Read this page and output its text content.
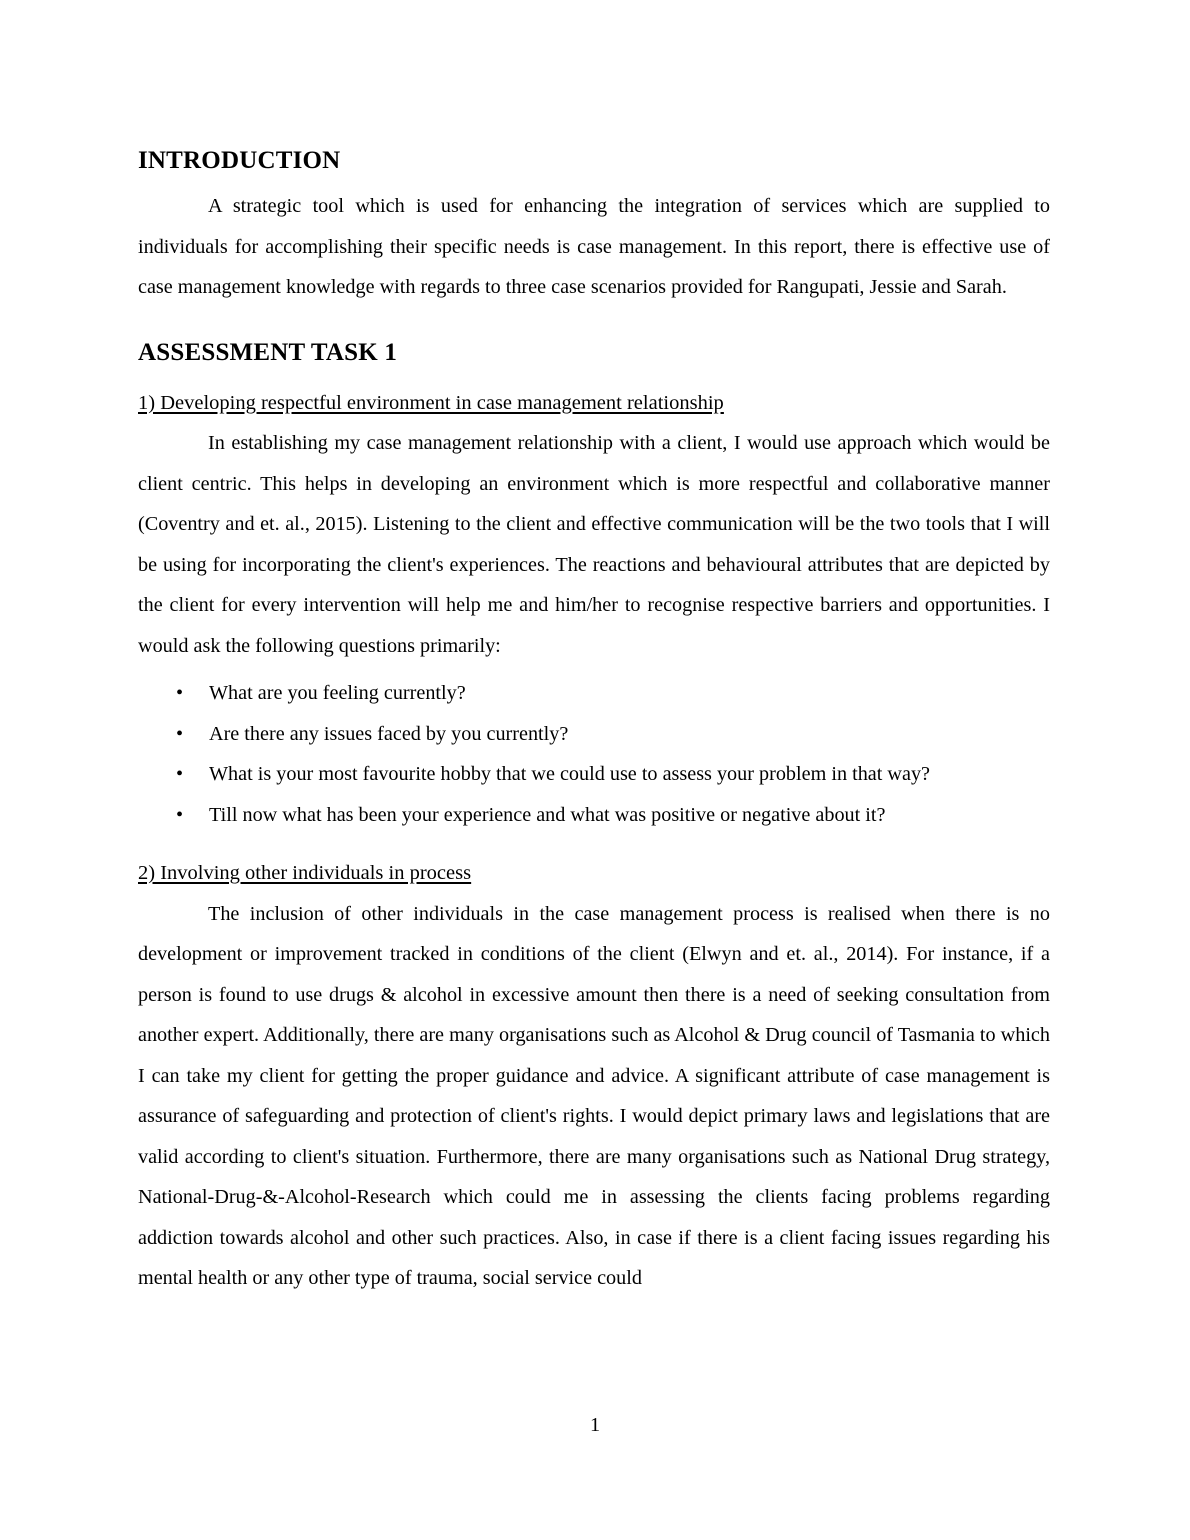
INTRODUCTION

A strategic tool which is used for enhancing the integration of services which are supplied to individuals for accomplishing their specific needs is case management. In this report, there is effective use of case management knowledge with regards to three case scenarios provided for Rangupati, Jessie and Sarah.

ASSESSMENT TASK 1
1) Developing respectful environment in case management relationship

In establishing my case management relationship with a client, I would use approach which would be client centric. This helps in developing an environment which is more respectful and collaborative manner (Coventry and et. al., 2015). Listening to the client and effective communication will be the two tools that I will be using for incorporating the client's experiences. The reactions and behavioural attributes that are depicted by the client for every intervention will help me and him/her to recognise respective barriers and opportunities. I would ask the following questions primarily:

• What are you feeling currently?
• Are there any issues faced by you currently?
• What is your most favourite hobby that we could use to assess your problem in that way?
• Till now what has been your experience and what was positive or negative about it?
2) Involving other individuals in process

The inclusion of other individuals in the case management process is realised when there is no development or improvement tracked in conditions of the client (Elwyn and et. al., 2014). For instance, if a person is found to use drugs & alcohol in excessive amount then there is a need of seeking consultation from another expert. Additionally, there are many organisations such as Alcohol & Drug council of Tasmania to which I can take my client for getting the proper guidance and advice. A significant attribute of case management is assurance of safeguarding and protection of client's rights. I would depict primary laws and legislations that are valid according to client's situation. Furthermore, there are many organisations such as National Drug strategy, National-Drug-&-Alcohol-Research which could me in assessing the clients facing problems regarding addiction towards alcohol and other such practices. Also, in case if there is a client facing issues regarding his mental health or any other type of trauma, social service could

1
